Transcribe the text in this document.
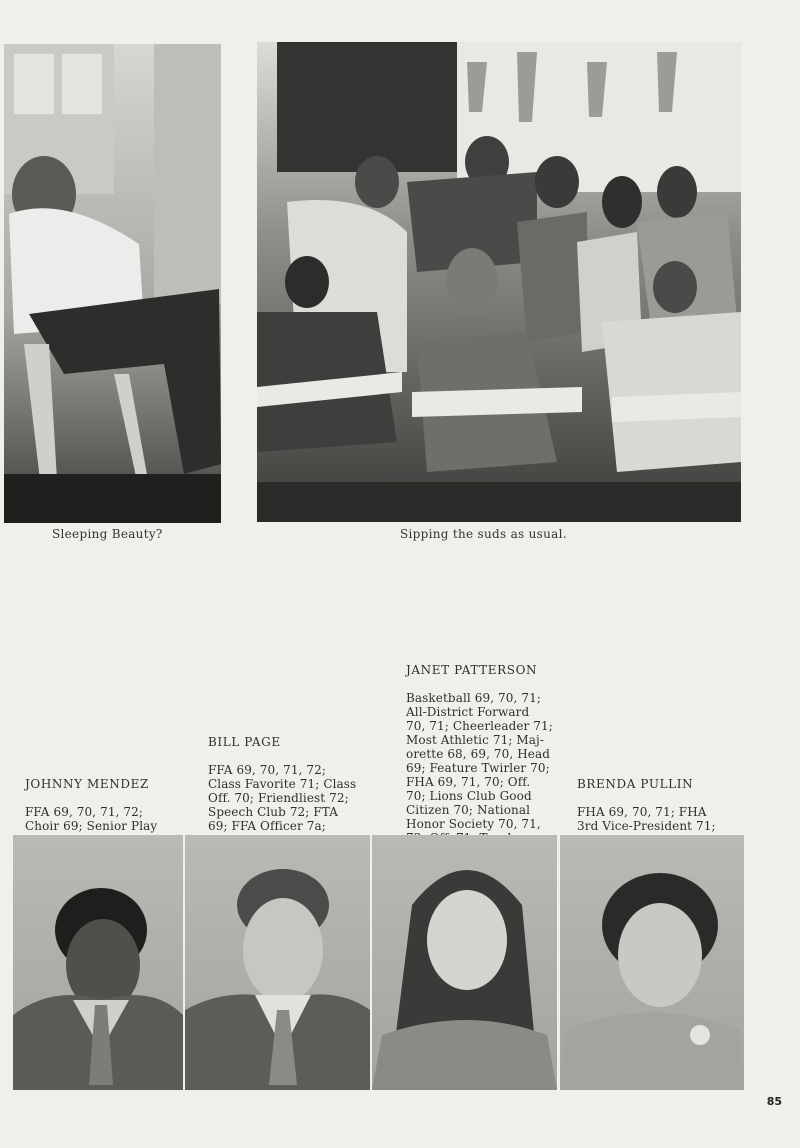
Sleeping Beauty?	Sipping the suds as usual.

JOHNNY MENDEZ

FFA 69, 70, 71, 72;
Choir 69; Senior Play

BILL PAGE

FFA 69, 70, 71, 72;
Class Favorite 71; Class
Off. 70; Friendliest 72;
Speech Club 72; FTA
69; FFA Officer 7a;

JANET PATTERSON

Basketball 69, 70, 71;
All-District Forward
70, 71; Cheerleader 71;
Most Athletic 71; Maj-
orette 68, 69, 70, Head
69; Feature Twirler 70;
FHA 69, 71, 70; Off.
70; Lions Club Good
Citizen 70; National
Honor Society 70, 71,

BRENDA PULLIN

FHA 69, 70, 71; FHA
3rd Vice-President 71;

85
